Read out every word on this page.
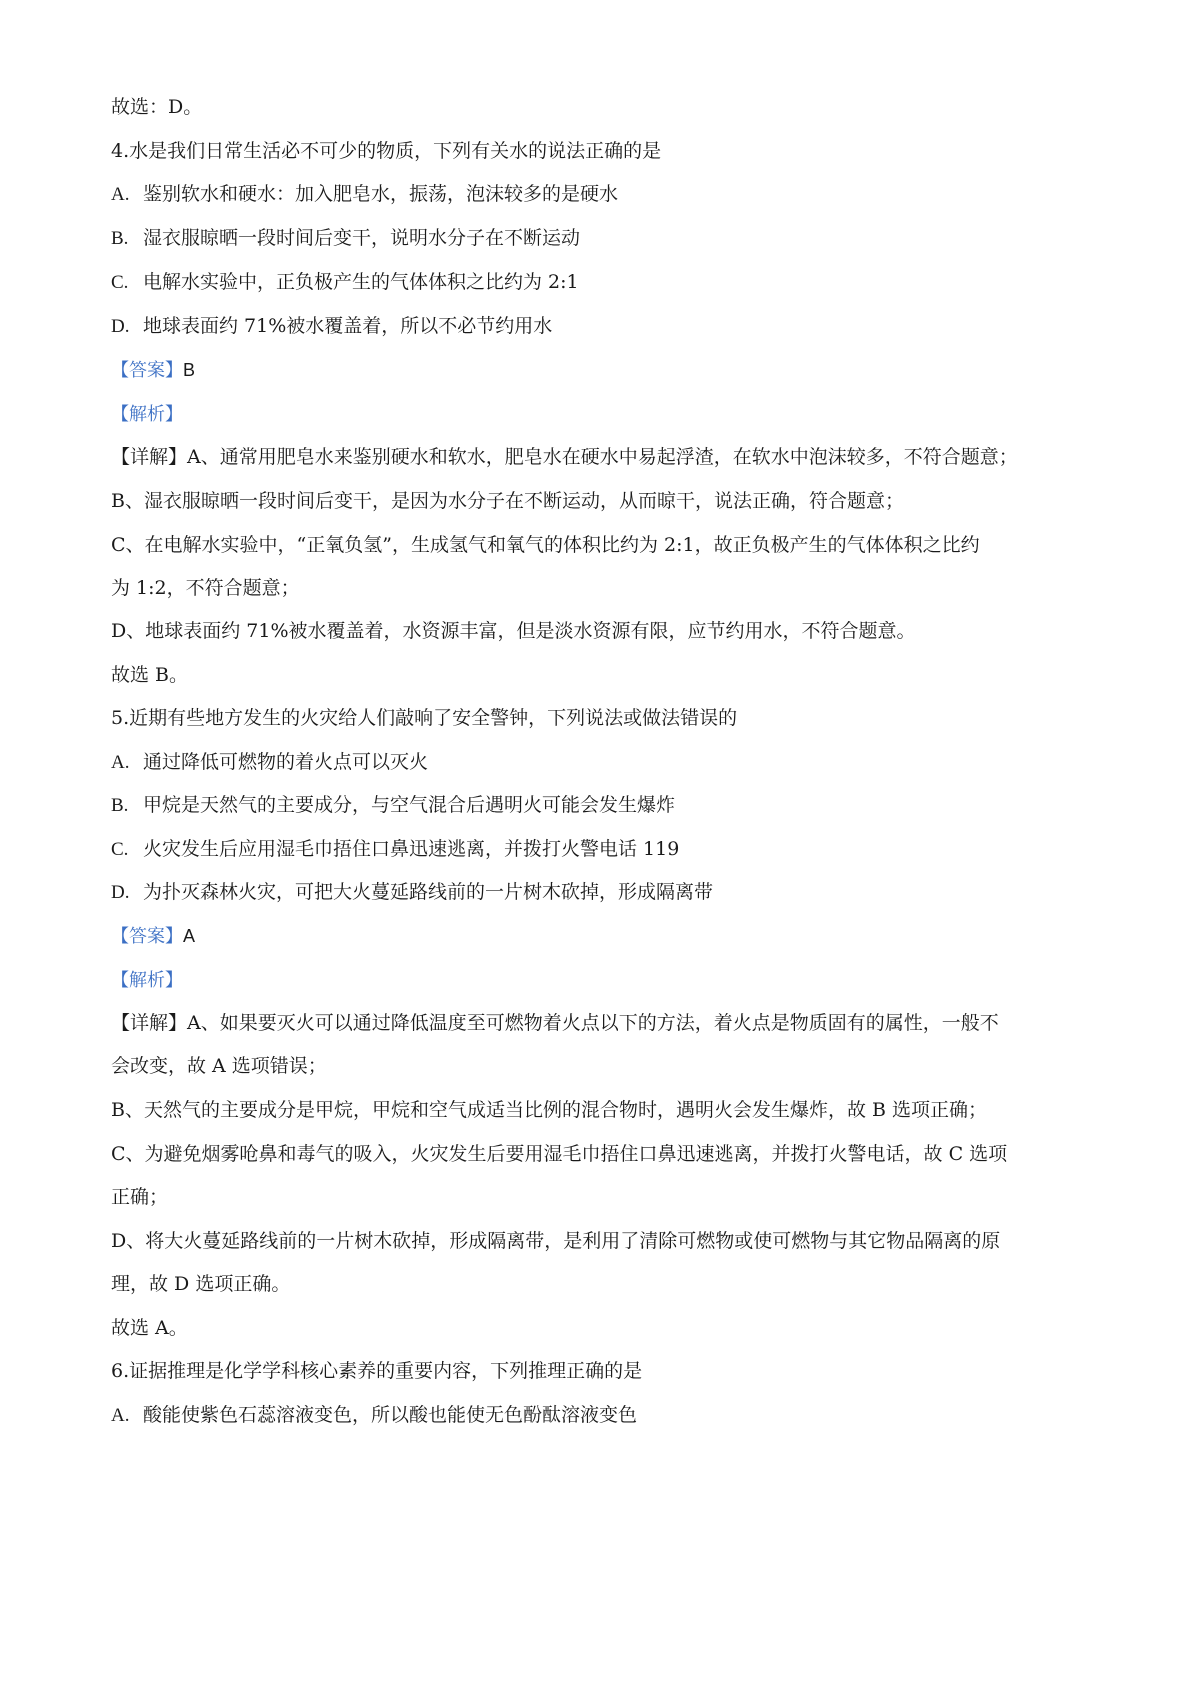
故选：D。

4.水是我们日常生活必不可少的物质，下列有关水的说法正确的是

A. 鉴别软水和硬水：加入肥皂水，振荡，泡沫较多的是硬水

B. 湿衣服晾晒一段时间后变干，说明水分子在不断运动

C. 电解水实验中，正负极产生的气体体积之比约为 2:1

D. 地球表面约 71%被水覆盖着，所以不必节约用水

【答案】B

【解析】

【详解】A、通常用肥皂水来鉴别硬水和软水，肥皂水在硬水中易起浮渣，在软水中泡沫较多，不符合题意；

B、湿衣服晾晒一段时间后变干，是因为水分子在不断运动，从而晾干，说法正确，符合题意；

C、在电解水实验中，“正氧负氢”，生成氢气和氧气的体积比约为 2:1，故正负极产生的气体体积之比约

为 1:2，不符合题意；

D、地球表面约 71%被水覆盖着，水资源丰富，但是淡水资源有限，应节约用水，不符合题意。

故选 B。

5.近期有些地方发生的火灾给人们敲响了安全警钟，下列说法或做法错误的

A. 通过降低可燃物的着火点可以灭火

B. 甲烷是天然气的主要成分，与空气混合后遇明火可能会发生爆炸

C. 火灾发生后应用湿毛巾捂住口鼻迅速逃离，并拨打火警电话 119

D. 为扑灭森林火灾，可把大火蔓延路线前的一片树木砍掉，形成隔离带

【答案】A

【解析】

【详解】A、如果要灭火可以通过降低温度至可燃物着火点以下的方法，着火点是物质固有的属性，一般不

会改变，故 A 选项错误；

B、天然气的主要成分是甲烷，甲烷和空气成适当比例的混合物时，遇明火会发生爆炸，故 B 选项正确；

C、为避免烟雾呛鼻和毒气的吸入，火灾发生后要用湿毛巾捂住口鼻迅速逃离，并拨打火警电话，故 C 选项

正确；

D、将大火蔓延路线前的一片树木砍掉，形成隔离带，是利用了清除可燃物或使可燃物与其它物品隔离的原

理，故 D 选项正确。

故选 A。

6.证据推理是化学学科核心素养的重要内容，下列推理正确的是

A. 酸能使紫色石蕊溶液变色，所以酸也能使无色酚酞溶液变色
